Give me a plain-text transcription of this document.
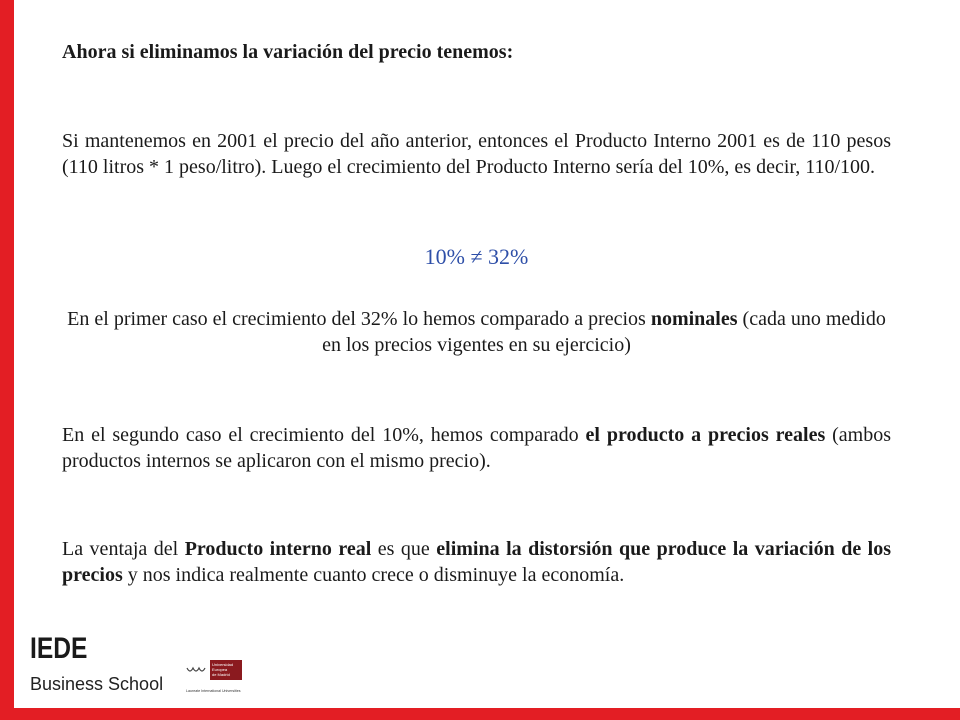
Ahora si eliminamos la variación del precio tenemos:

Si mantenemos en 2001 el precio del año anterior, entonces el Producto Interno 2001 es de 110 pesos (110 litros * 1 peso/litro). Luego el crecimiento del Producto Interno sería del 10%, es decir, 110/100.

10% ≠ 32%

En el primer caso el crecimiento del 32% lo hemos comparado a precios nominales (cada uno medido en los precios vigentes en su ejercicio)

En el segundo caso el crecimiento del 10%, hemos comparado el producto a precios reales (ambos productos internos se aplicaron con el mismo precio).

La ventaja del Producto interno real es que elimina la distorsión que produce la variación de los precios y nos indica realmente cuanto crece o disminuye la economía.

IEDE
Business School
Universidad
Europea
de Madrid
Laureate International Universities
